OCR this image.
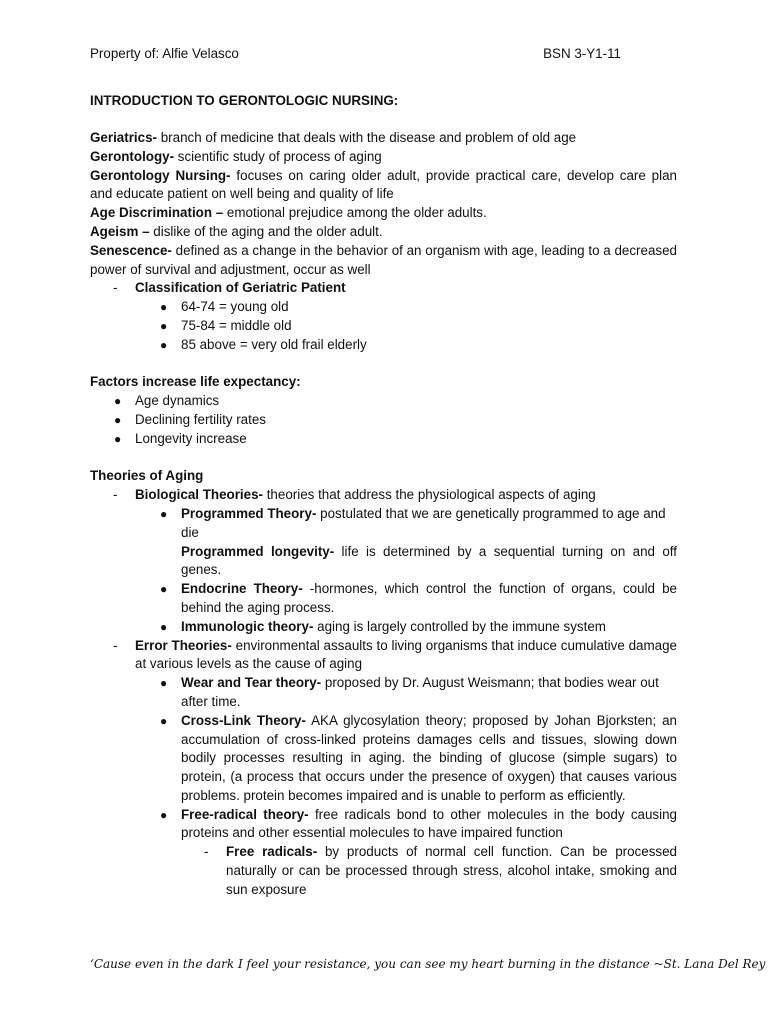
Property of: Alfie Velasco	BSN 3-Y1-11
INTRODUCTION TO GERONTOLOGIC NURSING:

Geriatrics- branch of medicine that deals with the disease and problem of old age

Gerontology- scientific study of process of aging

Gerontology Nursing- focuses on caring older adult, provide practical care, develop care plan and educate patient on well being and quality of life

Age Discrimination – emotional prejudice among the older adults.

Ageism – dislike of the aging and the older adult.

Senescence- defined as a change in the behavior of an organism with age, leading to a decreased power of survival and adjustment, occur as well

- Classification of Geriatric Patient
● 64-74 = young old
● 75-84 = middle old
● 85 above = very old frail elderly

Factors increase life expectancy:

● Age dynamics
● Declining fertility rates
● Longevity increase

Theories of Aging

- Biological Theories- theories that address the physiological aspects of aging
● Programmed Theory- postulated that we are genetically programmed to age and die
Programmed longevity- life is determined by a sequential turning on and off genes.
● Endocrine Theory- -hormones, which control the function of organs, could be behind the aging process.
● Immunologic theory- aging is largely controlled by the immune system
- Error Theories- environmental assaults to living organisms that induce cumulative damage at various levels as the cause of aging
● Wear and Tear theory- proposed by Dr. August Weismann; that bodies wear out after time.
● Cross-Link Theory- AKA glycosylation theory; proposed by Johan Bjorksten; an accumulation of cross-linked proteins damages cells and tissues, slowing down bodily processes resulting in aging. the binding of glucose (simple sugars) to protein, (a process that occurs under the presence of oxygen) that causes various problems. protein becomes impaired and is unable to perform as efficiently.
● Free-radical theory- free radicals bond to other molecules in the body causing proteins and other essential molecules to have impaired function
- Free radicals- by products of normal cell function. Can be processed naturally or can be processed through stress, alcohol intake, smoking and sun exposure
‘Cause even in the dark I feel your resistance, you can see my heart burning in the distance ~St. Lana Del Rey
